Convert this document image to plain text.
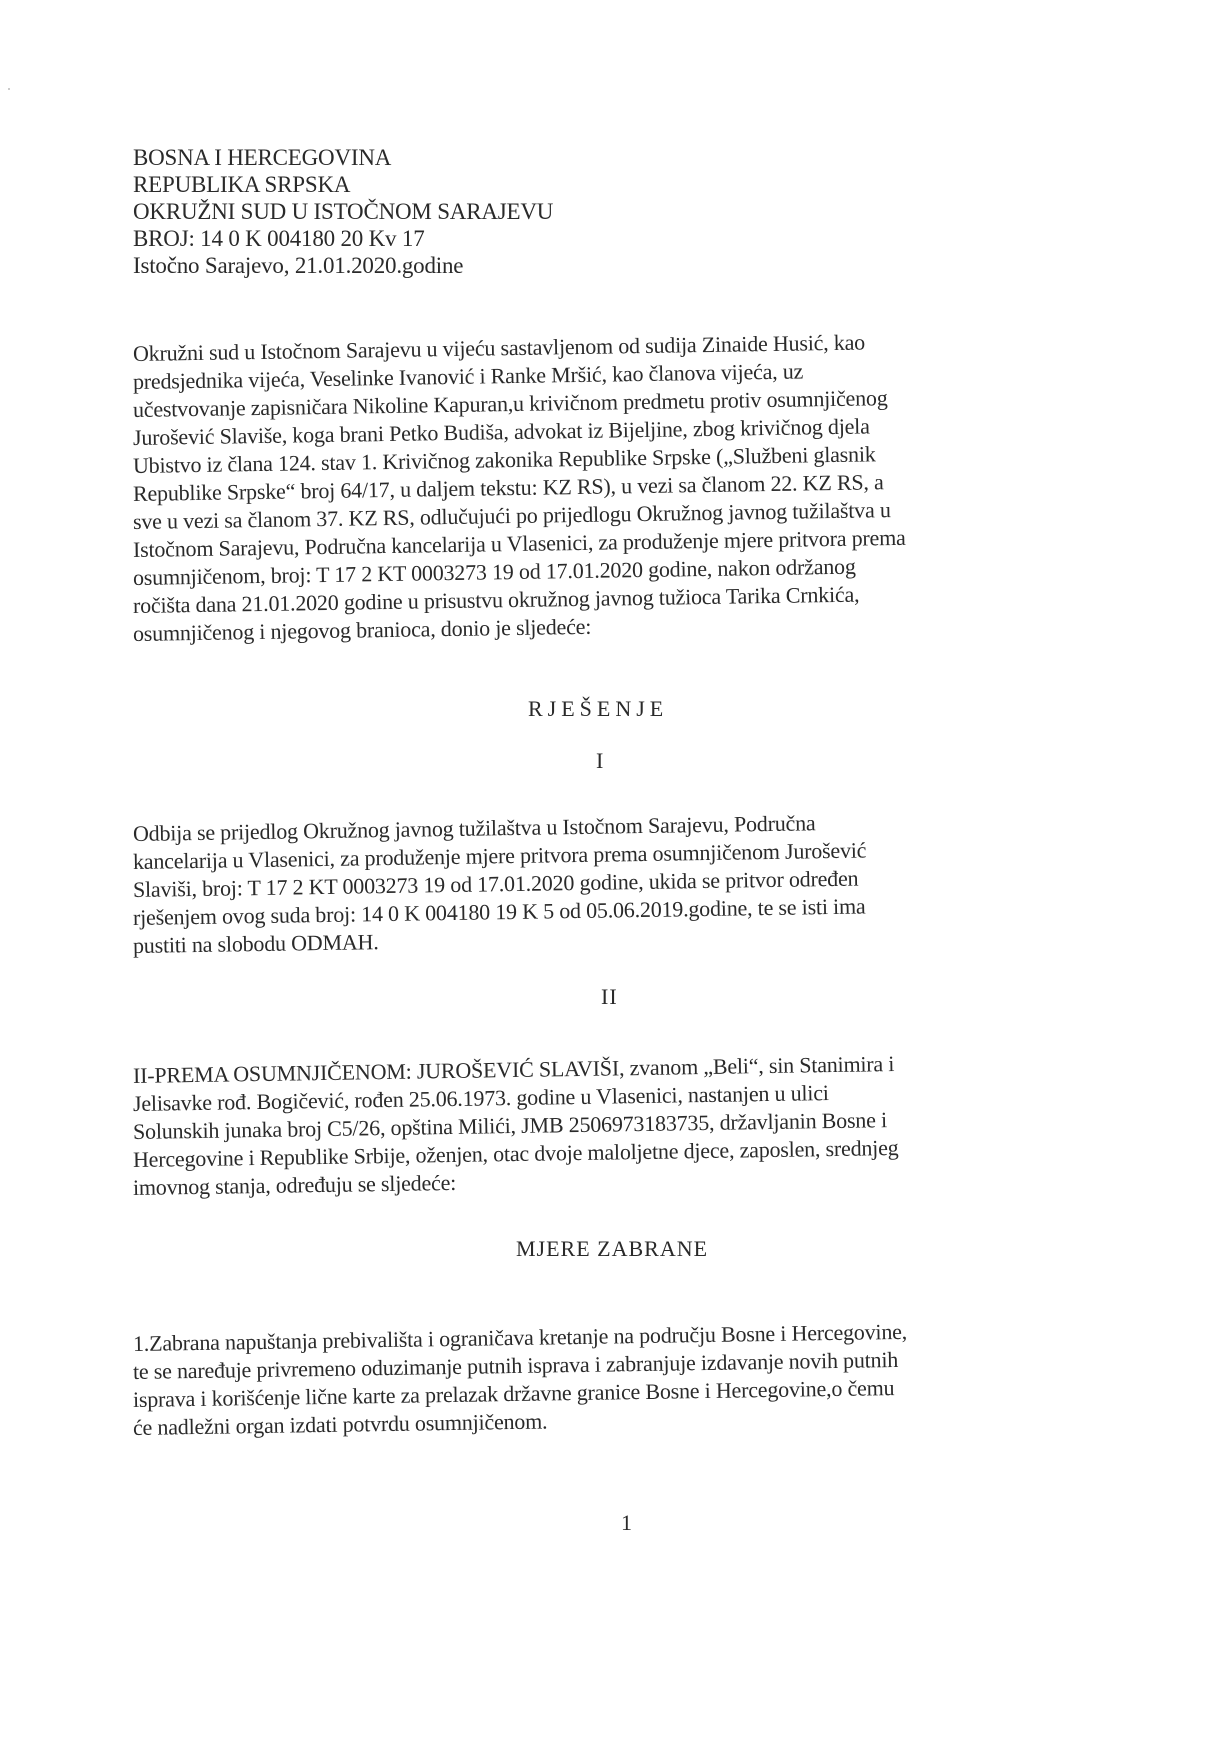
BOSNA I HERCEGOVINA
REPUBLIKA SRPSKA
OKRUŽNI SUD U ISTOČNOM SARAJEVU
BROJ: 14 0 K 004180 20 Kv 17
Istočno Sarajevo, 21.01.2020.godine
Okružni sud u Istočnom Sarajevu u vijeću sastavljenom od sudija Zinaide Husić, kao
predsjednika vijeća, Veselinke Ivanović i Ranke Mršić, kao članova vijeća, uz
učestvovanje zapisničara Nikoline Kapuran,u krivičnom predmetu protiv osumnjičenog
Jurošević Slaviše, koga brani Petko Budiša, advokat iz Bijeljine, zbog krivičnog djela
Ubistvo iz člana 124. stav 1. Krivičnog zakonika Republike Srpske („Službeni glasnik
Republike Srpske“ broj 64/17, u daljem tekstu: KZ RS), u vezi sa članom 22. KZ RS, a
sve u vezi sa članom 37. KZ RS, odlučujući po prijedlogu Okružnog javnog tužilaštva u
Istočnom Sarajevu, Područna kancelarija u Vlasenici, za produženje mjere pritvora prema
osumnjičenom, broj: T 17 2 KT 0003273 19 od 17.01.2020 godine, nakon održanog
ročišta dana 21.01.2020 godine u prisustvu okružnog javnog tužioca Tarika Crnkića,
osumnjičenog i njegovog branioca, donio je sljedeće:
RJEŠENJE
I
Odbija se prijedlog Okružnog javnog tužilaštva u Istočnom Sarajevu, Područna
kancelarija u Vlasenici, za produženje mjere pritvora prema osumnjičenom Jurošević
Slaviši, broj: T 17 2 KT 0003273 19 od 17.01.2020 godine, ukida se pritvor određen
rješenjem ovog suda broj: 14 0 K 004180 19 K 5 od 05.06.2019.godine, te se isti ima
pustiti na slobodu ODMAH.
II
II-PREMA OSUMNJIČENOM: JUROŠEVIĆ SLAVIŠI, zvanom „Beli“, sin Stanimira i
Jelisavke rođ. Bogičević, rođen 25.06.1973. godine u Vlasenici, nastanjen u ulici
Solunskih junaka broj C5/26, opština Milići, JMB 2506973183735, državljanin Bosne i
Hercegovine i Republike Srbije, oženjen, otac dvoje maloljetne djece, zaposlen, srednjeg
imovnog stanja, određuju se sljedeće:
MJERE ZABRANE
1.Zabrana napuštanja prebivališta i ograničava kretanje na području Bosne i Hercegovine,
te se naređuje privremeno oduzimanje putnih isprava i zabranjuje izdavanje novih putnih
isprava i korišćenje lične karte za prelazak državne granice Bosne i Hercegovine,o čemu
će nadležni organ izdati potvrdu osumnjičenom.
1
